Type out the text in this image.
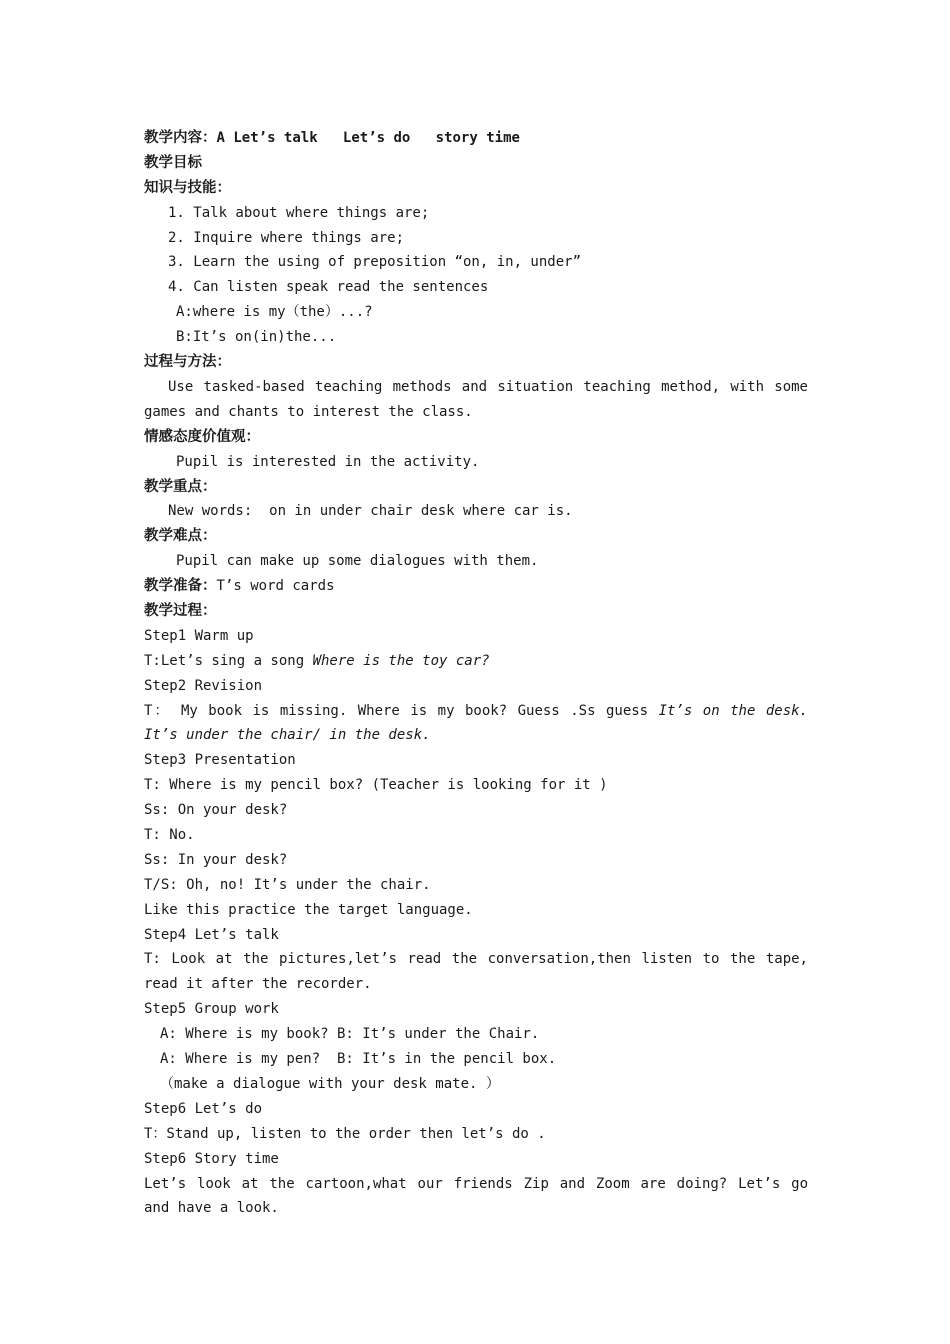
教学内容：A Let’s talk   Let’s do   story time
教学目标
知识与技能：
1. Talk about where things are;
2. Inquire where things are;
3. Learn the using of preposition “on, in, under”
4. Can listen speak read the sentences
A:where is my（the）...?
B:It’s on(in)the...
过程与方法：
Use tasked-based teaching methods and situation teaching method, with some games and chants to interest the class.
情感态度价值观：
Pupil is interested in the activity.
教学重点：
New words:  on in under chair desk where car is.
教学难点：
Pupil can make up some dialogues with them.
教学准备：T’s word cards
教学过程：
Step1 Warm up
T:Let’s sing a song Where is the toy car?
Step2 Revision
T： My book is missing. Where is my book? Guess .Ss guess It’s on the desk. It’s under the chair/ in the desk.
Step3 Presentation
T: Where is my pencil box? (Teacher is looking for it )
Ss: On your desk?
T: No.
Ss: In your desk?
T/S: Oh, no! It’s under the chair.
Like this practice the target language.
Step4 Let’s talk
T: Look at the pictures,let’s read the conversation,then listen to the tape, read it after the recorder.
Step5 Group work
A: Where is my book? B: It’s under the Chair.
A: Where is my pen?  B: It’s in the pencil box.
（make a dialogue with your desk mate. ）
Step6 Let’s do
T：Stand up, listen to the order then let’s do .
Step6 Story time
Let’s look at the cartoon,what our friends Zip and Zoom are doing? Let’s go and have a look.
